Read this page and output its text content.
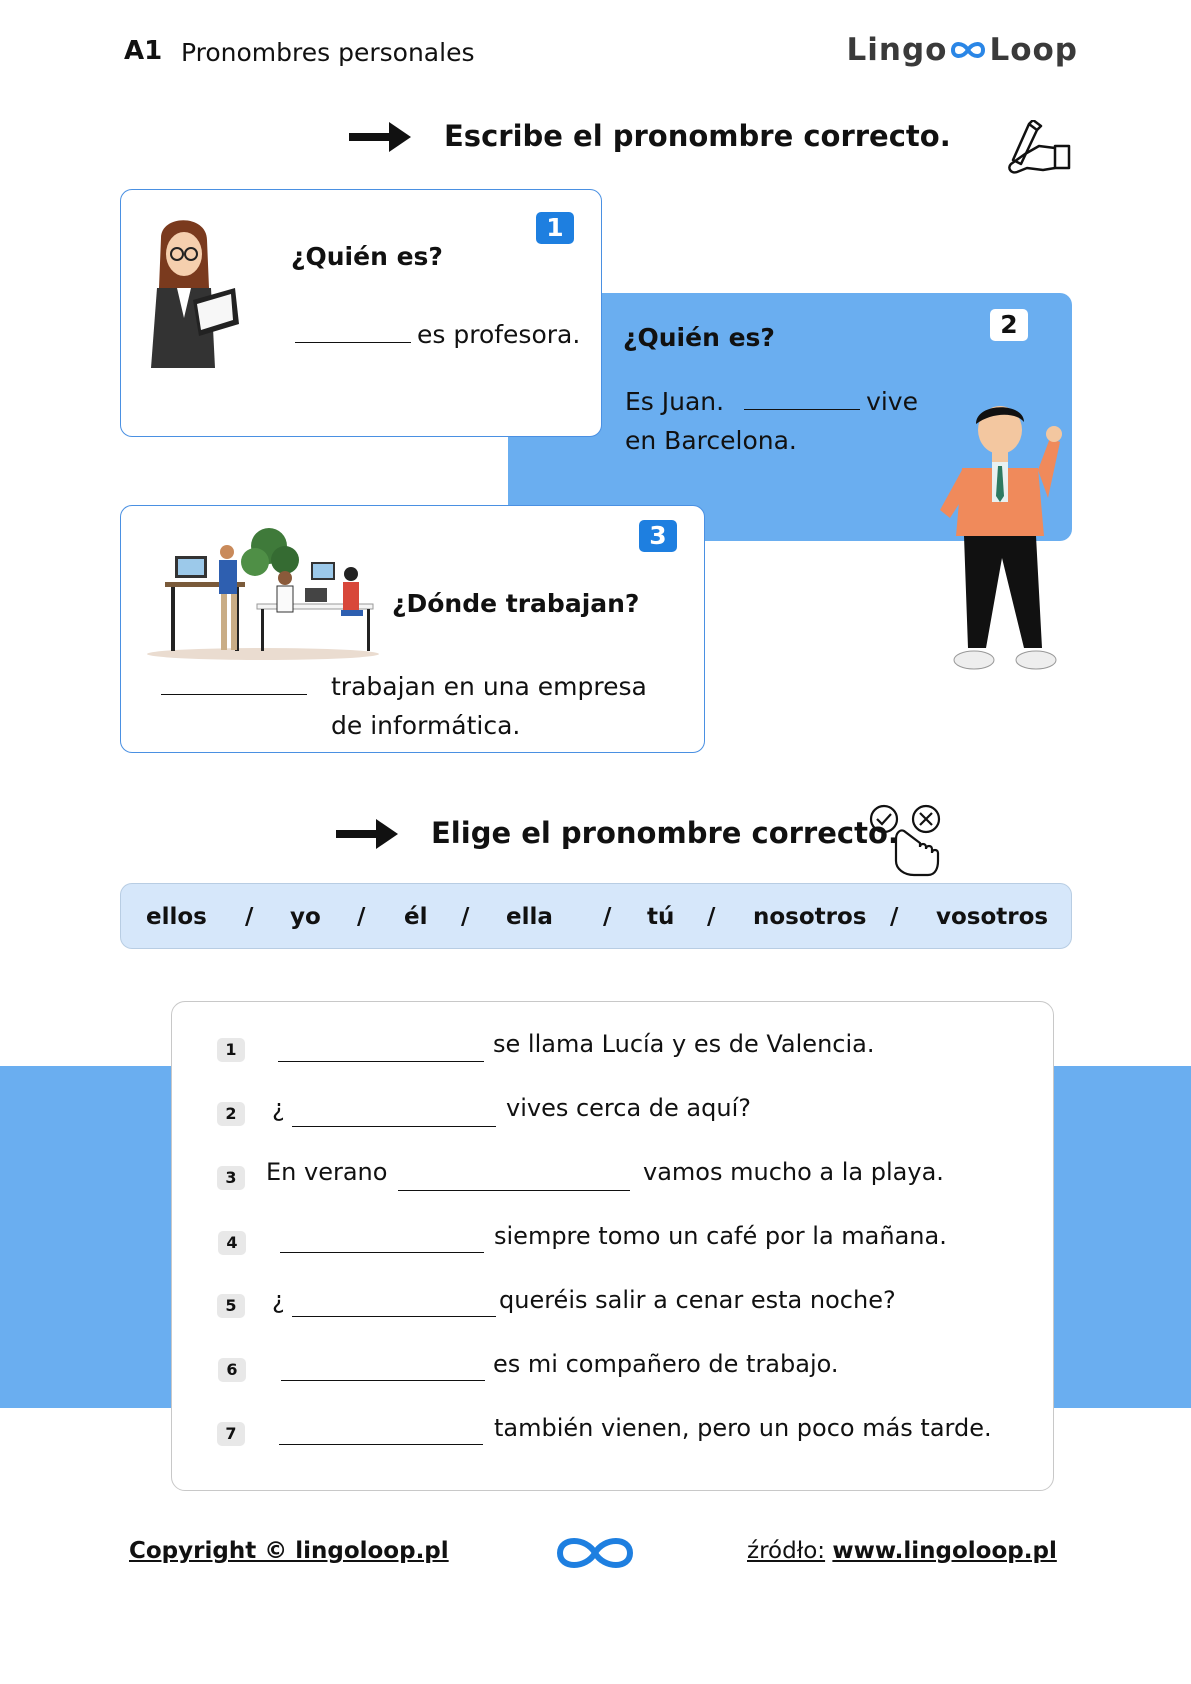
A1 Pronombres personales	Lingo Loop
Escribe el pronombre correcto.
2
¿Quién es?
Es Juan.	vive
en Barcelona.
1
¿Quién es?
es profesora.
3
¿Dónde trabajan?
trabajan en una empresa
de informática.
Elige el pronombre correcto.
ellos / yo / él / ella / tú / nosotros / vosotros
1	se llama Lucía y es de Valencia.
2	¿	vives cerca de aquí?
3	En verano	vamos mucho a la playa.
4	siempre tomo un café por la mañana.
5	¿	queréis salir a cenar esta noche?
6	es mi compañero de trabajo.
7	también vienen, pero un poco más tarde.
Copyright © lingoloop.pl	źródło: www.lingoloop.pl
